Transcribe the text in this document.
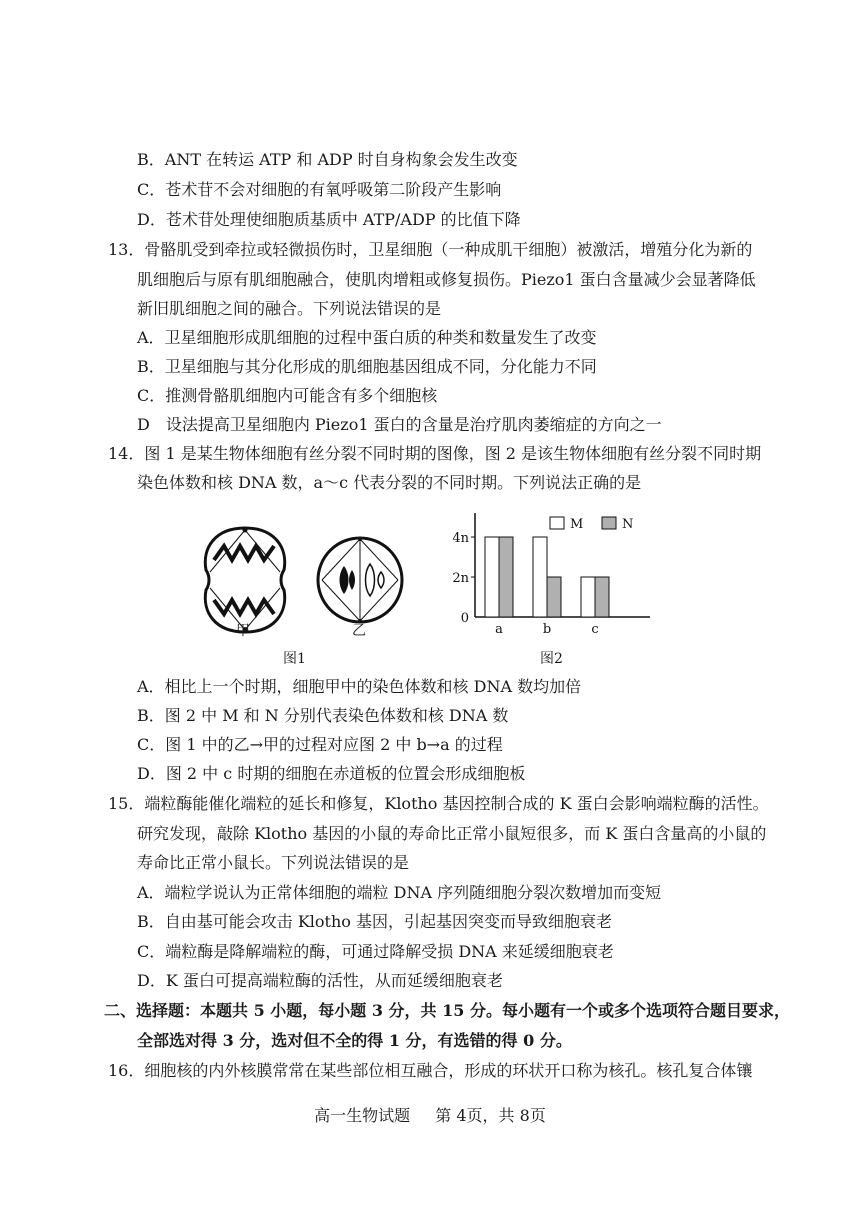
B．ANT 在转运 ATP 和 ADP 时自身构象会发生改变
C．苍术苷不会对细胞的有氧呼吸第二阶段产生影响
D．苍术苷处理使细胞质基质中 ATP/ADP 的比值下降
13．骨骼肌受到牵拉或轻微损伤时，卫星细胞（一种成肌干细胞）被激活，增殖分化为新的
肌细胞后与原有肌细胞融合，使肌肉增粗或修复损伤。Piezo1 蛋白含量减少会显著降低
新旧肌细胞之间的融合。下列说法错误的是
A．卫星细胞形成肌细胞的过程中蛋白质的种类和数量发生了改变
B．卫星细胞与其分化形成的肌细胞基因组成不同，分化能力不同
C．推测骨骼肌细胞内可能含有多个细胞核
D　设法提高卫星细胞内 Piezo1 蛋白的含量是治疗肌肉萎缩症的方向之一
14．图 1 是某生物体细胞有丝分裂不同时期的图像，图 2 是该生物体细胞有丝分裂不同时期
染色体数和核 DNA 数，a～c 代表分裂的不同时期。下列说法正确的是
甲	乙
图1
0
2n
4n
a	b	c
M	N
图2
A．相比上一个时期，细胞甲中的染色体数和核 DNA 数均加倍
B．图 2 中 M 和 N 分别代表染色体数和核 DNA 数
C．图 1 中的乙→甲的过程对应图 2 中 b→a 的过程
D．图 2 中 c 时期的细胞在赤道板的位置会形成细胞板
15．端粒酶能催化端粒的延长和修复，Klotho 基因控制合成的 K 蛋白会影响端粒酶的活性。
研究发现，敲除 Klotho 基因的小鼠的寿命比正常小鼠短很多，而 K 蛋白含量高的小鼠的
寿命比正常小鼠长。下列说法错误的是
A．端粒学说认为正常体细胞的端粒 DNA 序列随细胞分裂次数增加而变短
B．自由基可能会攻击 Klotho 基因，引起基因突变而导致细胞衰老
C．端粒酶是降解端粒的酶，可通过降解受损 DNA 来延缓细胞衰老
D．K 蛋白可提高端粒酶的活性，从而延缓细胞衰老
二、选择题：本题共 5 小题，每小题 3 分，共 15 分。每小题有一个或多个选项符合题目要求，
全部选对得 3 分，选对但不全的得 1 分，有选错的得 0 分。
16．细胞核的内外核膜常常在某些部位相互融合，形成的环状开口称为核孔。核孔复合体镶
高一生物试题 第 4页，共 8页
